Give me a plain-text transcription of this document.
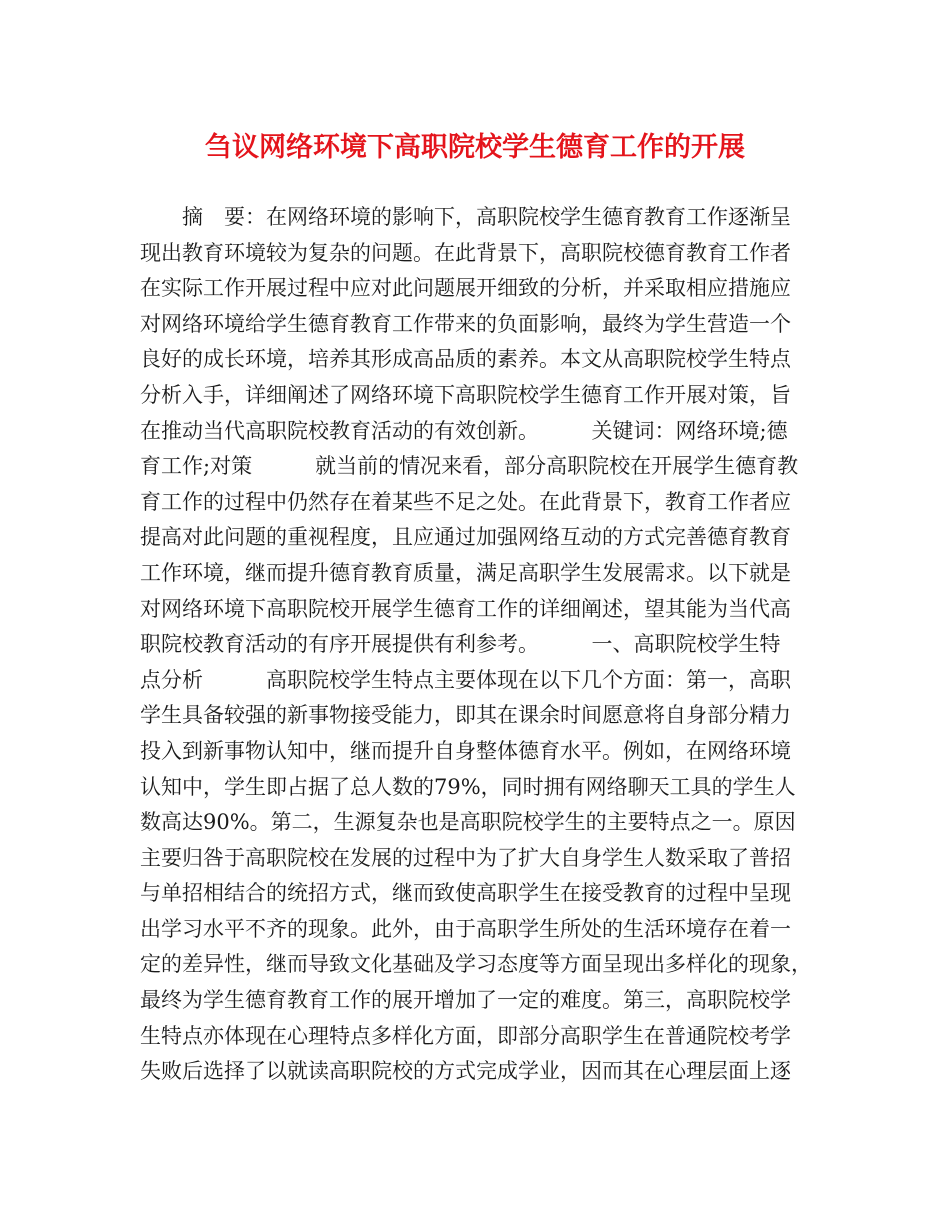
刍议网络环境下高职院校学生德育工作的开展
　　摘　要：在网络环境的影响下，高职院校学生德育教育工作逐渐呈
现出教育环境较为复杂的问题。在此背景下，高职院校德育教育工作者
在实际工作开展过程中应对此问题展开细致的分析，并采取相应措施应
对网络环境给学生德育教育工作带来的负面影响，最终为学生营造一个
良好的成长环境，培养其形成高品质的素养。本文从高职院校学生特点
分析入手，详细阐述了网络环境下高职院校学生德育工作开展对策，旨
在推动当代高职院校教育活动的有效创新。　　　关键词：网络环境;德
育工作;对策　　　就当前的情况来看，部分高职院校在开展学生德育教
育工作的过程中仍然存在着某些不足之处。在此背景下，教育工作者应
提高对此问题的重视程度，且应通过加强网络互动的方式完善德育教育
工作环境，继而提升德育教育质量，满足高职学生发展需求。以下就是
对网络环境下高职院校开展学生德育工作的详细阐述，望其能为当代高
职院校教育活动的有序开展提供有利参考。　　　一、高职院校学生特
点分析　　　高职院校学生特点主要体现在以下几个方面：第一，高职
学生具备较强的新事物接受能力，即其在课余时间愿意将自身部分精力
投入到新事物认知中，继而提升自身整体德育水平。例如，在网络环境
认知中，学生即占据了总人数的79%，同时拥有网络聊天工具的学生人
数高达90%。第二，生源复杂也是高职院校学生的主要特点之一。原因
主要归咎于高职院校在发展的过程中为了扩大自身学生人数采取了普招
与单招相结合的统招方式，继而致使高职学生在接受教育的过程中呈现
出学习水平不齐的现象。此外，由于高职学生所处的生活环境存在着一
定的差异性，继而导致文化基础及学习态度等方面呈现出多样化的现象，
最终为学生德育教育工作的展开增加了一定的难度。第三，高职院校学
生特点亦体现在心理特点多样化方面，即部分高职学生在普通院校考学
失败后选择了以就读高职院校的方式完成学业，因而其在心理层面上逐
